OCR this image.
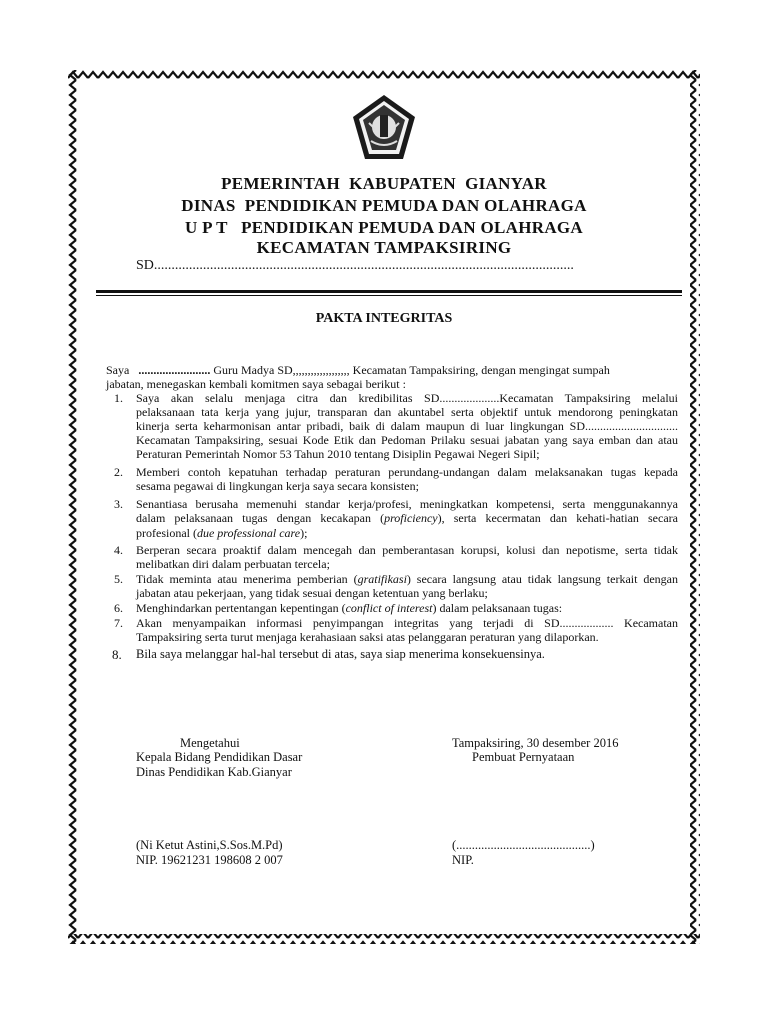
PEMERINTAH  KABUPATEN  GIANYAR
DINAS  PENDIDIKAN PEMUDA DAN OLAHRAGA
U P T   PENDIDIKAN PEMUDA DAN OLAHRAGA
KECAMATAN TAMPAKSIRING
SD........................................................................................................................
PAKTA INTEGRITAS
Saya ........................ Guru Madya SD,,,,,,,,,,,,,,,,,,, Kecamatan Tampaksiring, dengan mengingat sumpah
jabatan, menegaskan kembali komitmen saya sebagai berikut :
1. Saya akan selalu menjaga citra dan kredibilitas SD....................Kecamatan Tampaksiring melalui
pelaksanaan tata kerja yang jujur, transparan dan akuntabel serta objektif untuk mendorong peningkatan
kinerja serta keharmonisan antar pribadi, baik di dalam maupun di luar lingkungan SD...............................
Kecamatan Tampaksiring, sesuai Kode Etik dan Pedoman Prilaku sesuai jabatan yang saya emban dan atau
Peraturan Pemerintah Nomor 53 Tahun 2010 tentang Disiplin Pegawai Negeri Sipil;
2. Memberi contoh kepatuhan terhadap peraturan perundang-undangan dalam melaksanakan tugas kepada
sesama pegawai di lingkungan kerja saya secara konsisten;
3. Senantiasa berusaha memenuhi standar kerja/profesi, meningkatkan kompetensi, serta menggunakannya
dalam pelaksanaan tugas dengan kecakapan (proficiency), serta kecermatan dan kehati-hatian secara
profesional (due professional care);
4. Berperan secara proaktif dalam mencegah dan pemberantasan korupsi, kolusi dan nepotisme, serta tidak
melibatkan diri dalam perbuatan tercela;
5. Tidak meminta atau menerima pemberian (gratifikasi) secara langsung atau tidak langsung terkait dengan
jabatan atau pekerjaan, yang tidak sesuai dengan ketentuan yang berlaku;
6. Menghindarkan pertentangan kepentingan (conflict of interest) dalam pelaksanaan tugas:
7. Akan menyampaikan informasi penyimpangan integritas yang terjadi di SD.................. Kecamatan
Tampaksiring serta turut menjaga kerahasiaan saksi atas pelanggaran peraturan yang dilaporkan.
8. Bila saya melanggar hal-hal tersebut di atas, saya siap menerima konsekuensinya.
Mengetahui
Kepala Bidang Pendidikan Dasar
Dinas Pendidikan Kab.Gianyar
(Ni Ketut Astini,S.Sos.M.Pd)
NIP. 19621231 198608 2 007
Tampaksiring, 30 desember 2016
Pembuat Pernyataan
(...........................................)
NIP.
